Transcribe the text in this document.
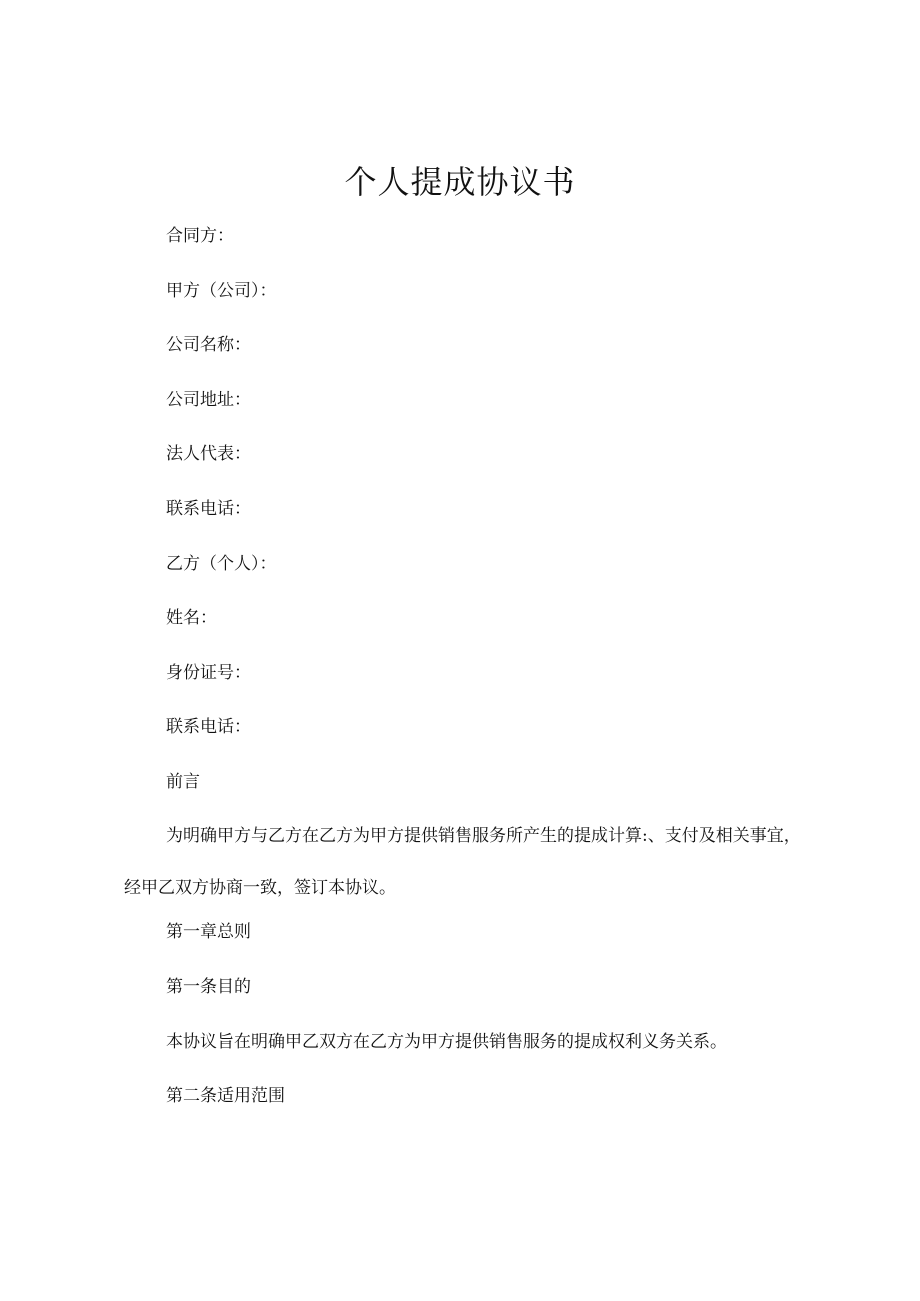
个人提成协议书

合同方：

甲方（公司）：

公司名称：

公司地址：

法人代表：

联系电话：

乙方（个人）：

姓名：

身份证号：

联系电话：

前言

为明确甲方与乙方在乙方为甲方提供销售服务所产生的提成计算:、支付及相关事宜，经甲乙双方协商一致，签订本协议。

第一章总则

第一条目的

本协议旨在明确甲乙双方在乙方为甲方提供销售服务的提成权利义务关系。

第二条适用范围
